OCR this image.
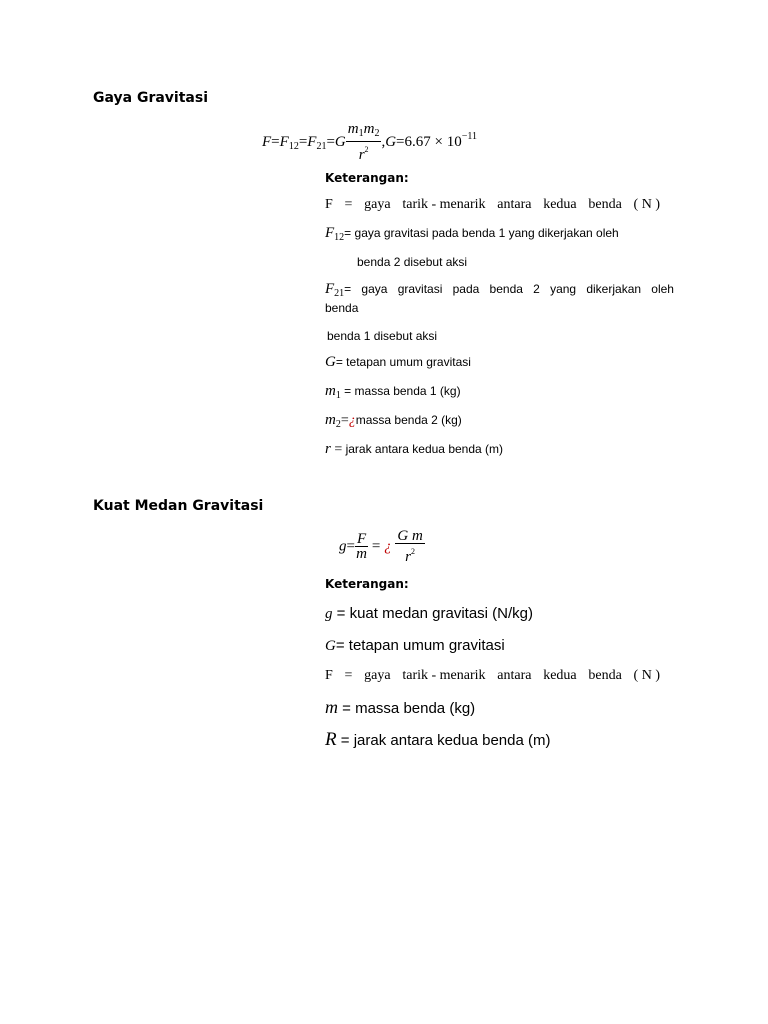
Gaya Gravitasi
$F=F_{12}=F_{21}=G \frac{m_1m_2}{r^2} ,G=6.67 \times 10^{-11}$
Keterangan:
F = gaya tarik - menarik antara kedua benda ( N )
$F_{12}=$ gaya gravitasi pada benda 1 yang dikerjakan oleh
benda 2 disebut aksi
$F_{21}=$ gaya gravitasi pada benda 2 yang dikerjakan oleh
benda
benda 1 disebut aksi
G= tetapan umum gravitasi
$m_1$ = massa benda 1 (kg)
$m_2=¿massa$ benda 2 (kg)
r = jarak antara kedua benda (m)
Kuat Medan Gravitasi
$g= \frac{F}{m}$ = ¿ $\frac{\text{G m}}{r^2}$
Keterangan:
g = kuat medan gravitasi (N/kg)
G= tetapan umum gravitasi
F = gaya tarik - menarik antara kedua benda ( N )
m = massa benda (kg)
R = jarak antara kedua benda (m)
